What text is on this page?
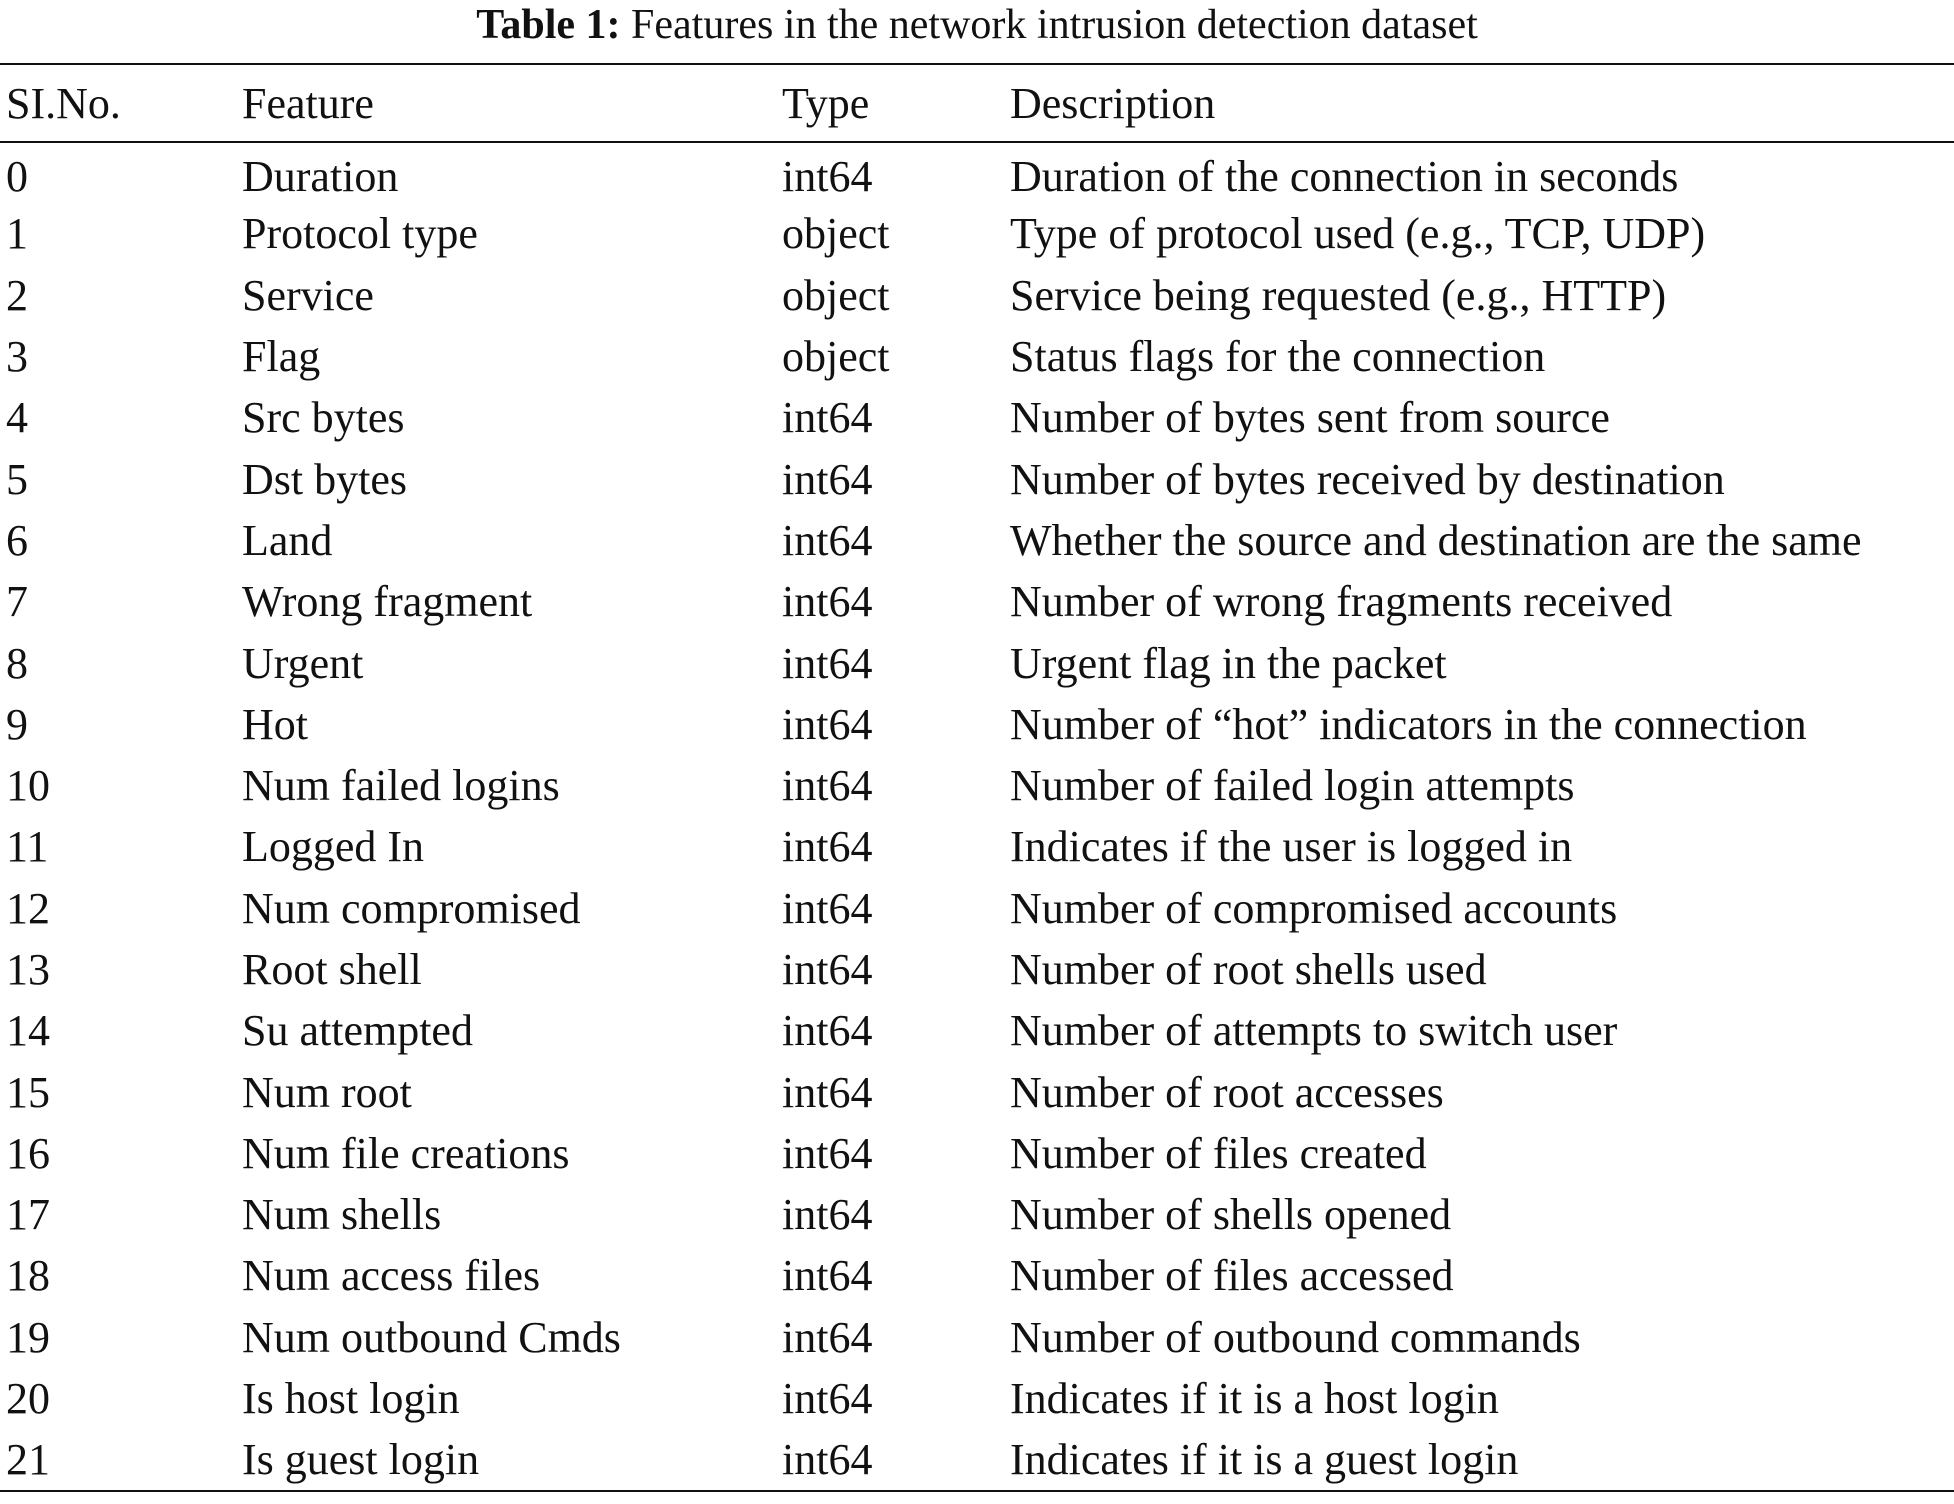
Table 1: Features in the network intrusion detection dataset
SI.No.	Feature	Type	Description
0	Duration	int64	Duration of the connection in seconds
1	Protocol type	object	Type of protocol used (e.g., TCP, UDP)
2	Service	object	Service being requested (e.g., HTTP)
3	Flag	object	Status flags for the connection
4	Src bytes	int64	Number of bytes sent from source
5	Dst bytes	int64	Number of bytes received by destination
6	Land	int64	Whether the source and destination are the same
7	Wrong fragment	int64	Number of wrong fragments received
8	Urgent	int64	Urgent flag in the packet
9	Hot	int64	Number of “hot” indicators in the connection
10	Num failed logins	int64	Number of failed login attempts
11	Logged In	int64	Indicates if the user is logged in
12	Num compromised	int64	Number of compromised accounts
13	Root shell	int64	Number of root shells used
14	Su attempted	int64	Number of attempts to switch user
15	Num root	int64	Number of root accesses
16	Num file creations	int64	Number of files created
17	Num shells	int64	Number of shells opened
18	Num access files	int64	Number of files accessed
19	Num outbound Cmds	int64	Number of outbound commands
20	Is host login	int64	Indicates if it is a host login
21	Is guest login	int64	Indicates if it is a guest login
